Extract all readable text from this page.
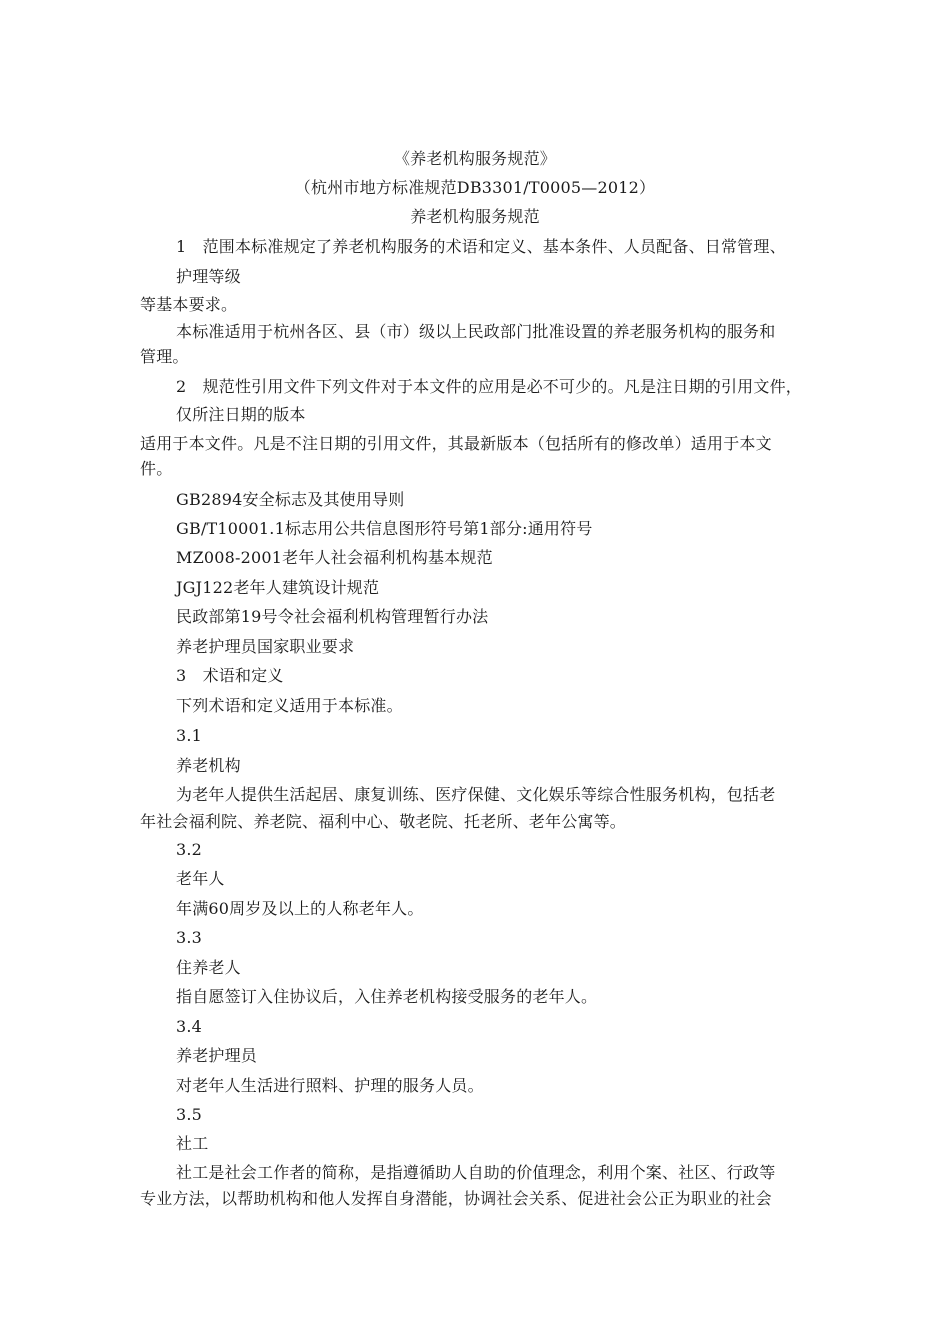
《养老机构服务规范》
（杭州市地方标准规范DB3301/T0005—2012）
养老机构服务规范
1　范围本标准规定了养老机构服务的术语和定义、基本条件、人员配备、日常管理、
护理等级
等基本要求。
本标准适用于杭州各区、县（市）级以上民政部门批准设置的养老服务机构的服务和
管理。
2　规范性引用文件下列文件对于本文件的应用是必不可少的。凡是注日期的引用文件，
仅所注日期的版本
适用于本文件。凡是不注日期的引用文件，其最新版本（包括所有的修改单）适用于本文
件。
GB2894安全标志及其使用导则
GB/T10001.1标志用公共信息图形符号第1部分:通用符号
MZ008-2001老年人社会福利机构基本规范
JGJ122老年人建筑设计规范
民政部第19号令社会福利机构管理暂行办法
养老护理员国家职业要求
3　术语和定义
下列术语和定义适用于本标准。
3.1
养老机构
为老年人提供生活起居、康复训练、医疗保健、文化娱乐等综合性服务机构，包括老
年社会福利院、养老院、福利中心、敬老院、托老所、老年公寓等。
3.2
老年人
年满60周岁及以上的人称老年人。
3.3
住养老人
指自愿签订入住协议后，入住养老机构接受服务的老年人。
3.4
养老护理员
对老年人生活进行照料、护理的服务人员。
3.5
社工
社工是社会工作者的简称，是指遵循助人自助的价值理念，利用个案、社区、行政等
专业方法，以帮助机构和他人发挥自身潜能，协调社会关系、促进社会公正为职业的社会
